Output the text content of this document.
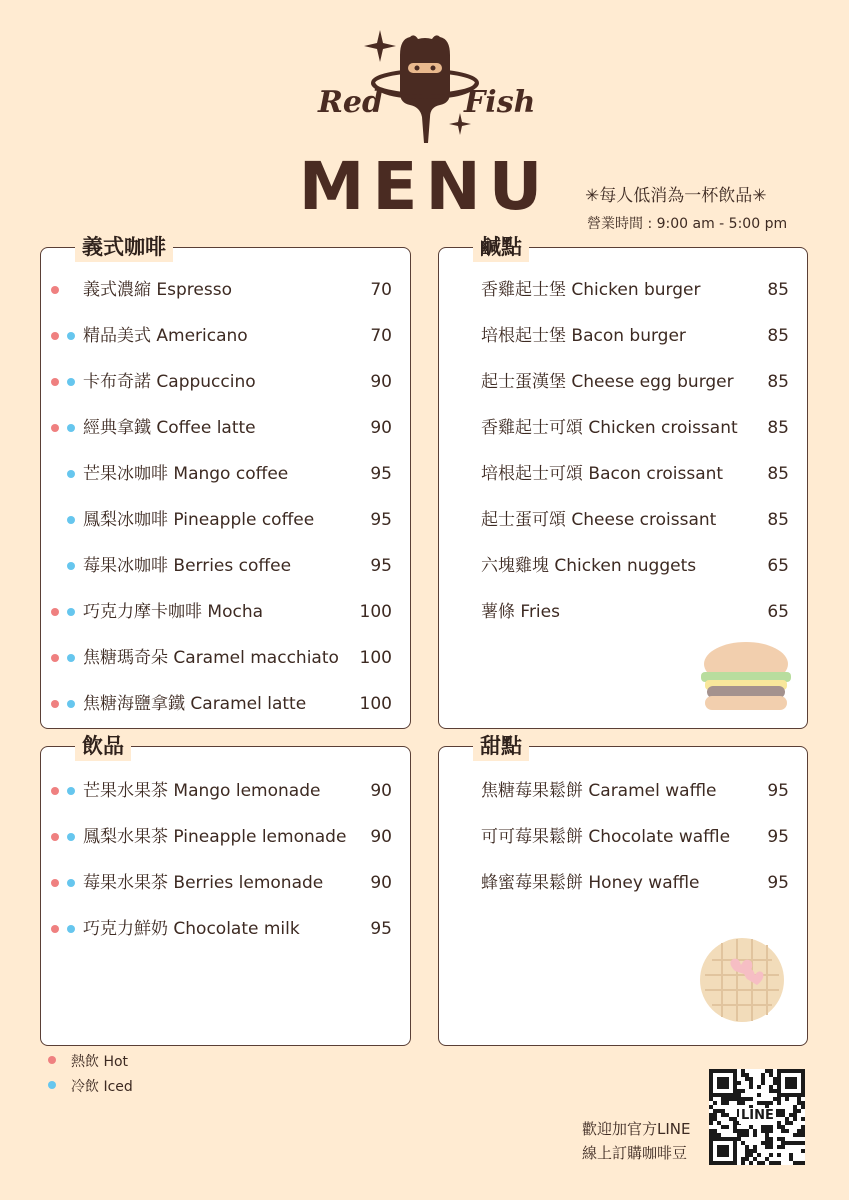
Red	Fish
MENU	✳每人低消為一杯飲品✳
營業時間 : 9:00 am - 5:00 pm
義式咖啡
義式濃縮 Espresso	70
精品美式 Americano	70
卡布奇諾 Cappuccino	90
經典拿鐵 Coffee latte	90
芒果冰咖啡 Mango coffee	95
鳳梨冰咖啡 Pineapple coffee	95
莓果冰咖啡 Berries coffee	95
巧克力摩卡咖啡 Mocha	100
焦糖瑪奇朵 Caramel macchiato 100
焦糖海鹽拿鐵 Caramel latte	100
鹹點
香雞起士堡 Chicken burger	85
培根起士堡 Bacon burger	85
起士蛋漢堡 Cheese egg burger 85
香雞起士可頌 Chicken croissant 85
培根起士可頌 Bacon croissant	85
起士蛋可頌 Cheese croissant	85
六塊雞塊 Chicken nuggets	65
薯條 Fries	65
飲品
芒果水果茶 Mango lemonade	90
鳳梨水果茶 Pineapple lemonade 90
莓果水果茶 Berries lemonade	90
巧克力鮮奶 Chocolate milk	95
甜點
焦糖莓果鬆餅 Caramel waffle	95
可可莓果鬆餅 Chocolate waffle 95
蜂蜜莓果鬆餅 Honey waffle	95
熱飲 Hot
冷飲 Iced
歡迎加官方LINE
線上訂購咖啡豆
LINE
